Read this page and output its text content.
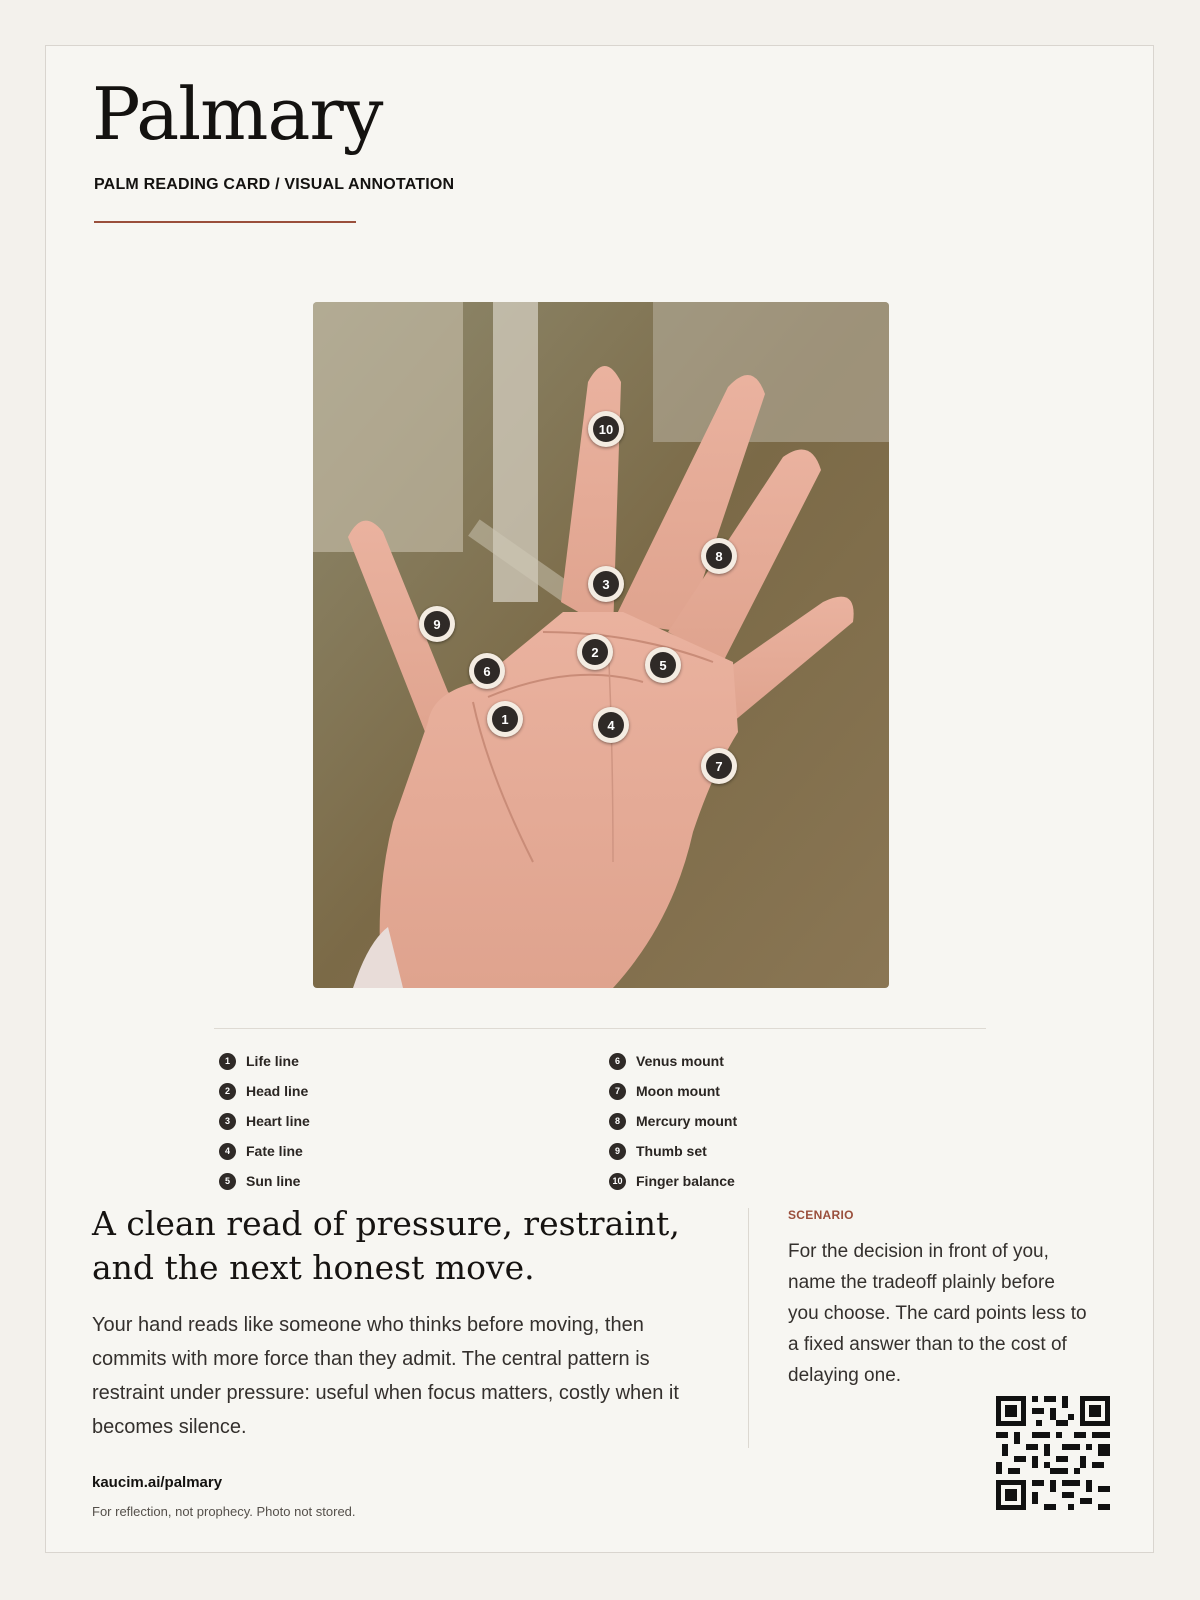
Palmary
PALM READING CARD / VISUAL ANNOTATION
10
3
8
9
2
5
6
1	4
7
1	Life line
2	Head line
3	Heart line
4	Fate line
5	Sun line
6	Venus mount
7	Moon mount
8	Mercury mount
9	Thumb set
10 Finger balance
A clean read of pressure, restraint, and the next honest move.

Your hand reads like someone who thinks before moving, then commits with more force than they admit. The central pattern is restraint under pressure: useful when focus matters, costly when it becomes silence.

kaucim.ai/palmary
For reflection, not prophecy. Photo not stored.
SCENARIO

For the decision in front of you, name the tradeoff plainly before you choose. The card points less to a fixed answer than to the cost of delaying one.
